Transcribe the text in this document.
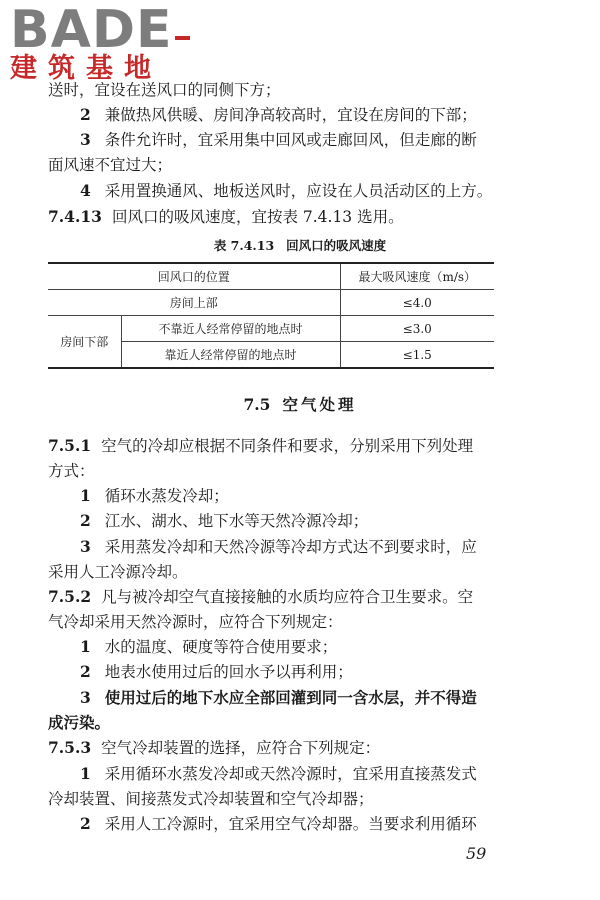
BADE
建筑基地
送时，宜设在送风口的同侧下方；
2 兼做热风供暖、房间净高较高时，宜设在房间的下部；
3 条件允许时，宜采用集中回风或走廊回风，但走廊的断
面风速不宜过大；
4 采用置换通风、地板送风时，应设在人员活动区的上方。
7.4.13 回风口的吸风速度，宜按表 7.4.13 选用。
表 7.4.13 回风口的吸风速度
回风口的位置		最大吸风速度（m/s）
房间上部		≤4.0
房间下部	不靠近人经常停留的地点时	≤3.0
	靠近人经常停留的地点时	≤1.5
7.5 空气处理
7.5.1 空气的冷却应根据不同条件和要求，分别采用下列处理
方式：
1 循环水蒸发冷却；
2 江水、湖水、地下水等天然冷源冷却；
3 采用蒸发冷却和天然冷源等冷却方式达不到要求时，应
采用人工冷源冷却。
7.5.2 凡与被冷却空气直接接触的水质均应符合卫生要求。空
气冷却采用天然冷源时，应符合下列规定：
1 水的温度、硬度等符合使用要求；
2 地表水使用过后的回水予以再利用；
3 使用过后的地下水应全部回灌到同一含水层，并不得造
成污染。
7.5.3 空气冷却装置的选择，应符合下列规定：
1 采用循环水蒸发冷却或天然冷源时，宜采用直接蒸发式
冷却装置、间接蒸发式冷却装置和空气冷却器；
2 采用人工冷源时，宜采用空气冷却器。当要求利用循环
59
